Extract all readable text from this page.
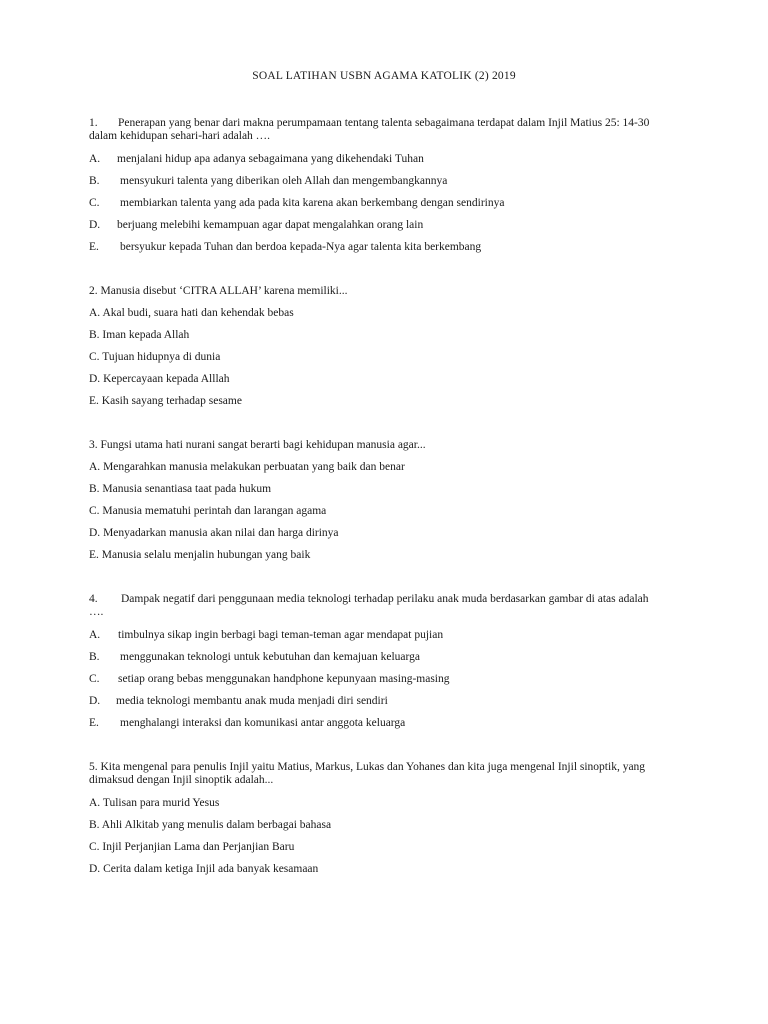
SOAL LATIHAN USBN AGAMA KATOLIK (2) 2019
1. Penerapan yang benar dari makna perumpamaan tentang talenta sebagaimana terdapat dalam Injil Matius 25: 14-30 dalam kehidupan sehari-hari adalah ….
A. menjalani hidup apa adanya sebagaimana yang dikehendaki Tuhan
B. mensyukuri talenta yang diberikan oleh Allah dan mengembangkannya
C. membiarkan talenta yang ada pada kita karena akan berkembang dengan sendirinya
D. berjuang melebihi kemampuan agar dapat mengalahkan orang lain
E. bersyukur kepada Tuhan dan berdoa kepada-Nya agar talenta kita berkembang
2. Manusia disebut ‘CITRA ALLAH’ karena memiliki...
A. Akal budi, suara hati dan kehendak bebas
B. Iman kepada Allah
C. Tujuan hidupnya di dunia
D. Kepercayaan kepada Alllah
E. Kasih sayang terhadap sesame
3. Fungsi utama hati nurani sangat berarti bagi kehidupan manusia agar...
A. Mengarahkan manusia melakukan perbuatan yang baik dan benar
B. Manusia senantiasa taat pada hukum
C. Manusia mematuhi perintah dan larangan agama
D. Menyadarkan manusia akan nilai dan harga dirinya
E. Manusia selalu menjalin hubungan yang baik
4. Dampak negatif dari penggunaan media teknologi terhadap perilaku anak muda berdasarkan gambar di atas adalah ….
A. timbulnya sikap ingin berbagi bagi teman-teman agar mendapat pujian
B. menggunakan teknologi untuk kebutuhan dan kemajuan keluarga
C. setiap orang bebas menggunakan handphone kepunyaan masing-masing
D. media teknologi membantu anak muda menjadi diri sendiri
E. menghalangi interaksi dan komunikasi antar anggota keluarga
5. Kita mengenal para penulis Injil yaitu Matius, Markus, Lukas dan Yohanes dan kita juga mengenal Injil sinoptik, yang dimaksud dengan Injil sinoptik adalah...
A. Tulisan para murid Yesus
B. Ahli Alkitab yang menulis dalam berbagai bahasa
C. Injil Perjanjian Lama dan Perjanjian Baru
D. Cerita dalam ketiga Injil ada banyak kesamaan
